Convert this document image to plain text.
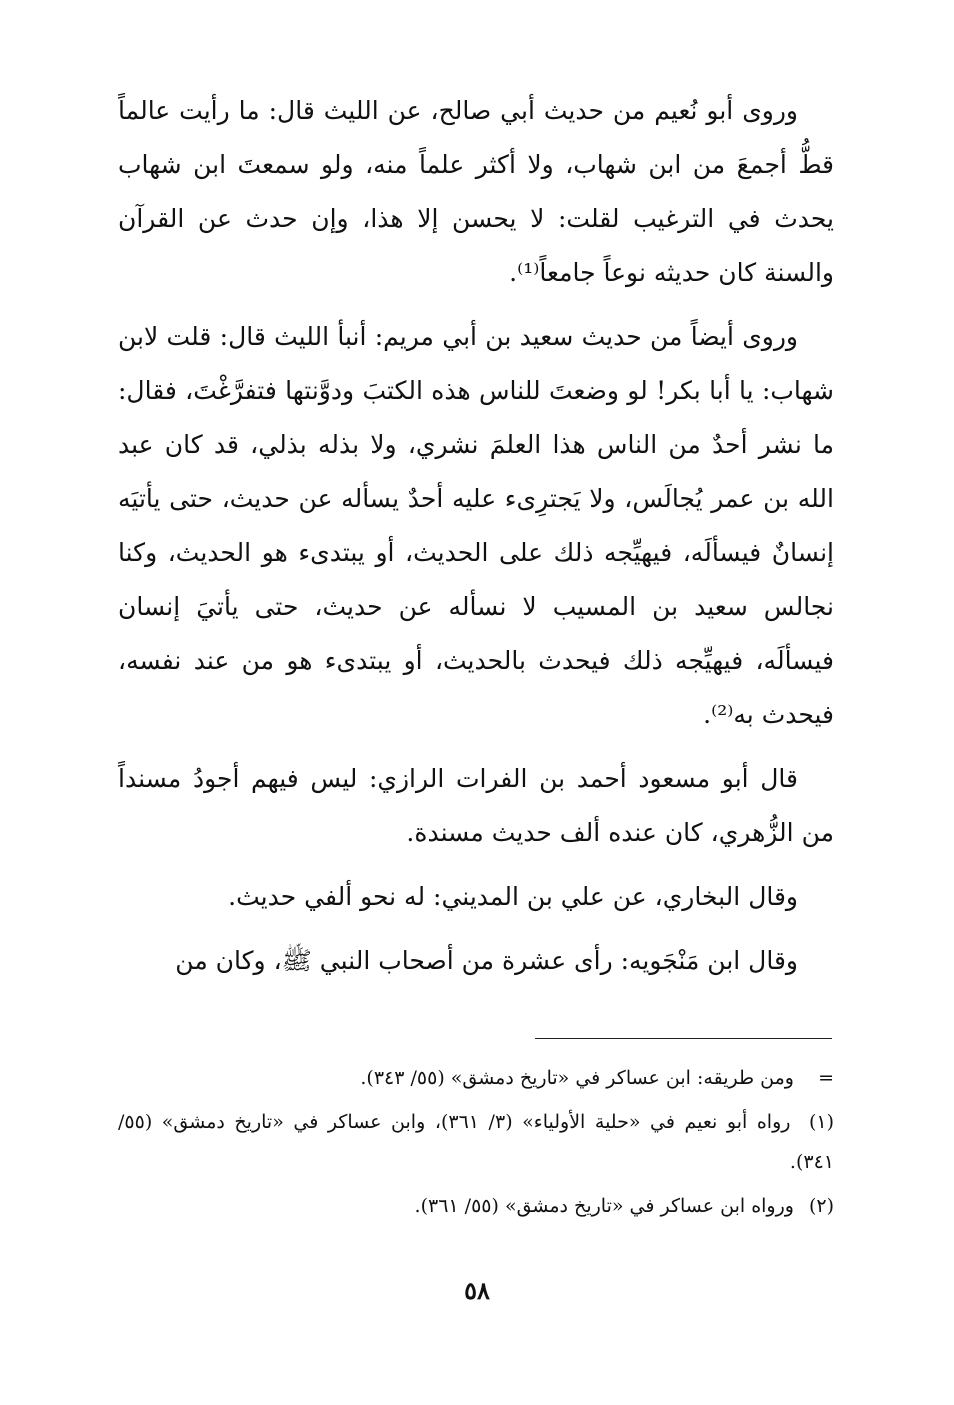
وروى أبو نُعيم من حديث أبي صالح، عن الليث قال: ما رأيت عالماً قطُّ أجمعَ من ابن شهاب، ولا أكثر علماً منه، ولو سمعتَ ابن شهاب يحدث في الترغيب لقلت: لا يحسن إلا هذا، وإن حدث عن القرآن والسنة كان حديثه نوعاً جامعاً⁽¹⁾.

وروى أيضاً من حديث سعيد بن أبي مريم: أنبأ الليث قال: قلت لابن شهاب: يا أبا بكر! لو وضعتَ للناس هذه الكتبَ ودوَّنتها فتفرَّغْتَ، فقال: ما نشر أحدٌ من الناس هذا العلمَ نشري، ولا بذله بذلي، قد كان عبد الله بن عمر يُجالَس، ولا يَجترِىء عليه أحدٌ يسأله عن حديث، حتى يأتيَه إنسانٌ فيسألَه، فيهيِّجه ذلك على الحديث، أو يبتدىء هو الحديث، وكنا نجالس سعيد بن المسيب لا نسأله عن حديث، حتى يأتيَ إنسان فيسألَه، فيهيِّجه ذلك فيحدث بالحديث، أو يبتدىء هو من عند نفسه، فيحدث به⁽²⁾.

قال أبو مسعود أحمد بن الفرات الرازي: ليس فيهم أجودُ مسنداً من الزُّهري، كان عنده ألف حديث مسندة.

وقال البخاري، عن علي بن المديني: له نحو ألفي حديث.

وقال ابن مَنْجَويه: رأى عشرة من أصحاب النبي ﷺ، وكان من

= ومن طريقه: ابن عساكر في «تاريخ دمشق» (٥٥/ ٣٤٣).

(١) رواه أبو نعيم في «حلية الأولياء» (٣/ ٣٦١)، وابن عساكر في «تاريخ دمشق» (٥٥/ ٣٤١).

(٢) ورواه ابن عساكر في «تاريخ دمشق» (٥٥/ ٣٦١).

٥٨
